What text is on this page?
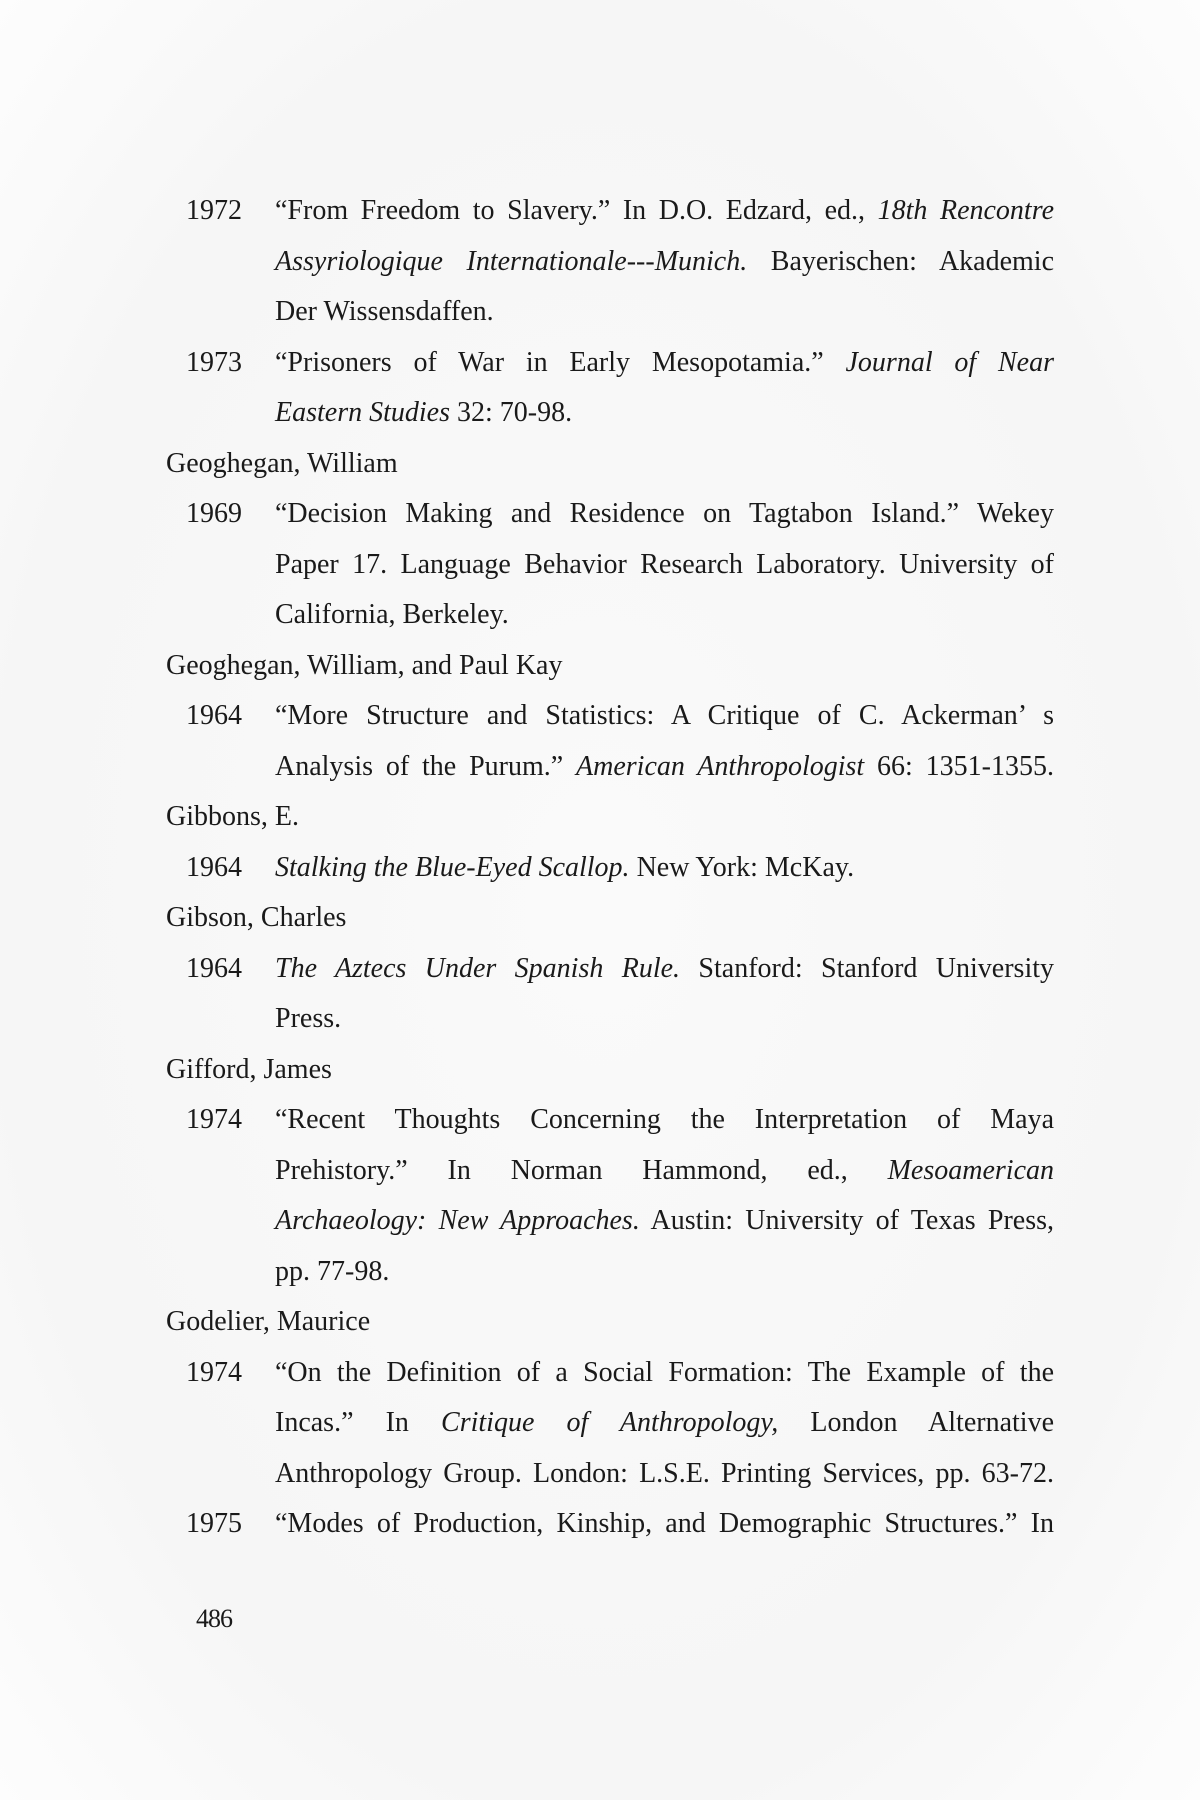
1972 “From Freedom to Slavery.” In D.O. Edzard, ed., 18th Rencontre
Assyriologique Internationale---Munich. Bayerischen: Akademic
Der Wissensdaffen.
1973 “Prisoners of War in Early Mesopotamia.” Journal of Near
Eastern Studies 32: 70-98.
Geoghegan, William
1969 “Decision Making and Residence on Tagtabon Island.” Wekey
Paper 17. Language Behavior Research Laboratory. University of
California, Berkeley.
Geoghegan, William, and Paul Kay
1964 “More Structure and Statistics: A Critique of C. Ackerman’ s
Analysis of the Purum.” American Anthropologist 66: 1351-1355.
Gibbons, E.
1964 Stalking the Blue-Eyed Scallop. New York: McKay.
Gibson, Charles
1964 The Aztecs Under Spanish Rule. Stanford: Stanford University
Press.
Gifford, James
1974 “Recent Thoughts Concerning the Interpretation of Maya
Prehistory.” In Norman Hammond, ed., Mesoamerican
Archaeology: New Approaches. Austin: University of Texas Press,
pp. 77-98.
Godelier, Maurice
1974 “On the Definition of a Social Formation: The Example of the
Incas.” In Critique of Anthropology, London Alternative
Anthropology Group. London: L.S.E. Printing Services, pp. 63-72.
1975 “Modes of Production, Kinship, and Demographic Structures.” In
486
